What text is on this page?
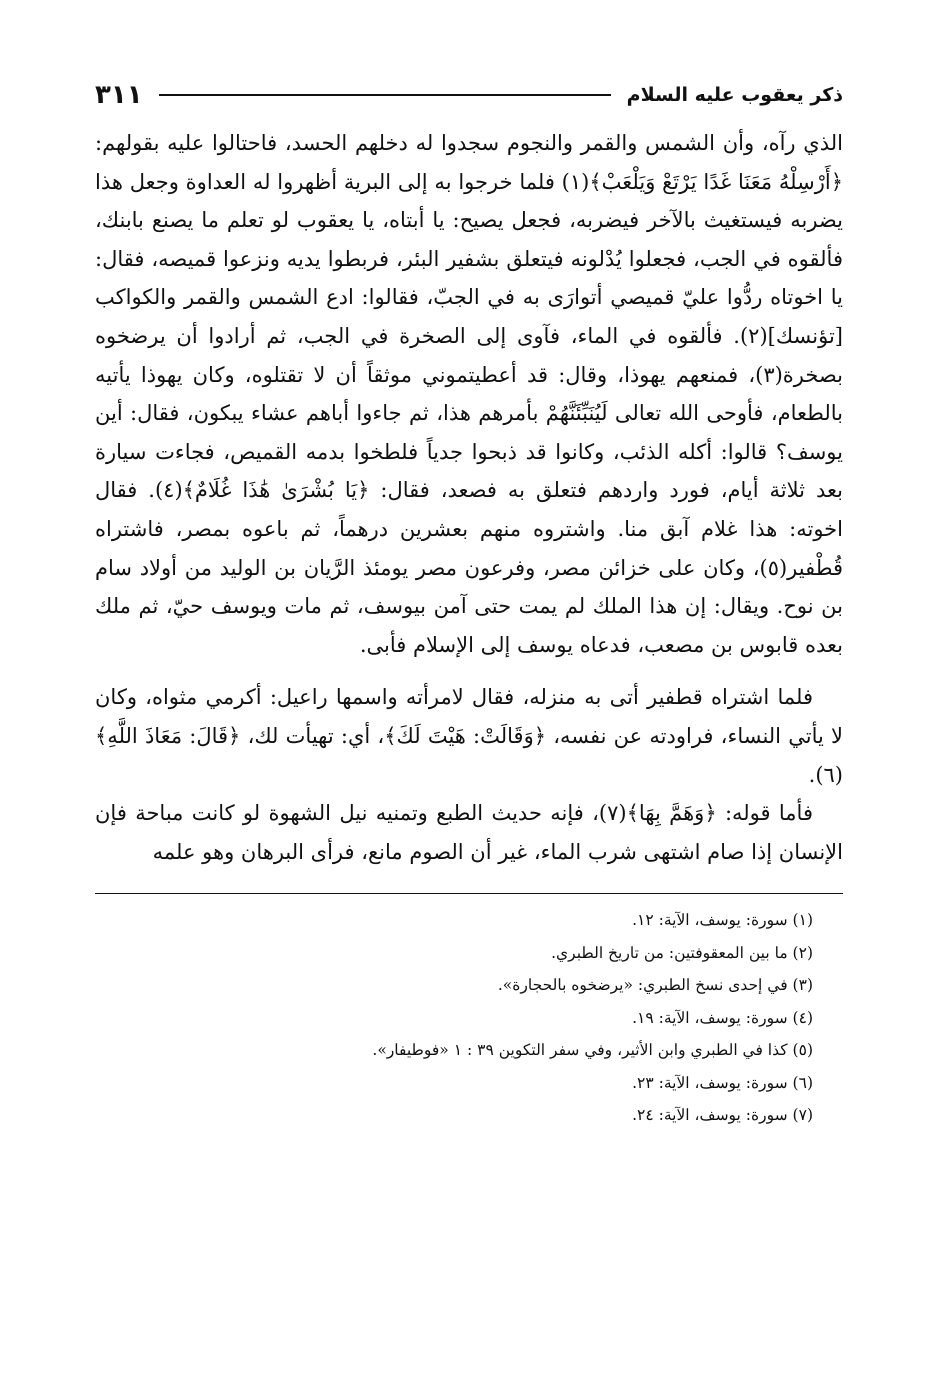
ذكر يعقوب عليه السلام
٣١١

الذي رآه، وأن الشمس والقمر والنجوم سجدوا له دخلهم الحسد، فاحتالوا عليه بقولهم: ﴿أَرْسِلْهُ مَعَنَا غَدًا يَرْتَعْ وَيَلْعَبْ﴾(١) فلما خرجوا به إلى البرية أظهروا له العداوة وجعل هذا يضربه فيستغيث بالآخر فيضربه، فجعل يصيح: يا أبتاه، يا يعقوب لو تعلم ما يصنع بابنك، فألقوه في الجب، فجعلوا يُدْلونه فيتعلق بشفير البئر، فربطوا يديه ونزعوا قميصه، فقال: يا اخوتاه ردُّوا عليّ قميصي أتوارَى به في الجبّ، فقالوا: ادع الشمس والقمر والكواكب [تؤنسك](٢). فألقوه في الماء، فآوى إلى الصخرة في الجب، ثم أرادوا أن يرضخوه بصخرة(٣)، فمنعهم يهوذا، وقال: قد أعطيتموني موثقاً أن لا تقتلوه، وكان يهوذا يأتيه بالطعام، فأوحى الله تعالى لَيُنَبِّئَنَّهُمْ بأمرهم هذا، ثم جاءوا أباهم عشاء يبكون، فقال: أين يوسف؟ قالوا: أكله الذئب، وكانوا قد ذبحوا جدياً فلطخوا بدمه القميص، فجاءت سيارة بعد ثلاثة أيام، فورد واردهم فتعلق به فصعد، فقال: ﴿يَا بُشْرَىٰ هَٰذَا غُلَامٌ﴾(٤). فقال اخوته: هذا غلام آبق منا. واشتروه منهم بعشرين درهماً، ثم باعوه بمصر، فاشتراه قُطْفير(٥)، وكان على خزائن مصر، وفرعون مصر يومئذ الرَّيان بن الوليد من أولاد سام بن نوح. ويقال: إن هذا الملك لم يمت حتى آمن بيوسف، ثم مات ويوسف حيّ، ثم ملك بعده قابوس بن مصعب، فدعاه يوسف إلى الإسلام فأبى.

فلما اشتراه قطفير أتى به منزله، فقال لامرأته واسمها راعيل: أكرمي مثواه، وكان لا يأتي النساء، فراودته عن نفسه، ﴿وَقَالَتْ: هَيْتَ لَكَ﴾، أي: تهيأت لك، ﴿قَالَ: مَعَاذَ اللَّهِ﴾(٦).

فأما قوله: ﴿وَهَمَّ بِهَا﴾(٧)، فإنه حديث الطبع وتمنيه نيل الشهوة لو كانت مباحة فإن الإنسان إذا صام اشتهى شرب الماء، غير أن الصوم مانع، فرأى البرهان وهو علمه

(١) سورة: يوسف، الآية: ١٢.
(٢) ما بين المعقوفتين: من تاريخ الطبري.
(٣) في إحدى نسخ الطبري: «يرضخوه بالحجارة».
(٤) سورة: يوسف، الآية: ١٩.
(٥) كذا في الطبري وابن الأثير، وفي سفر التكوين ٣٩ : ١ «فوطيفار».
(٦) سورة: يوسف، الآية: ٢٣.
(٧) سورة: يوسف، الآية: ٢٤.
